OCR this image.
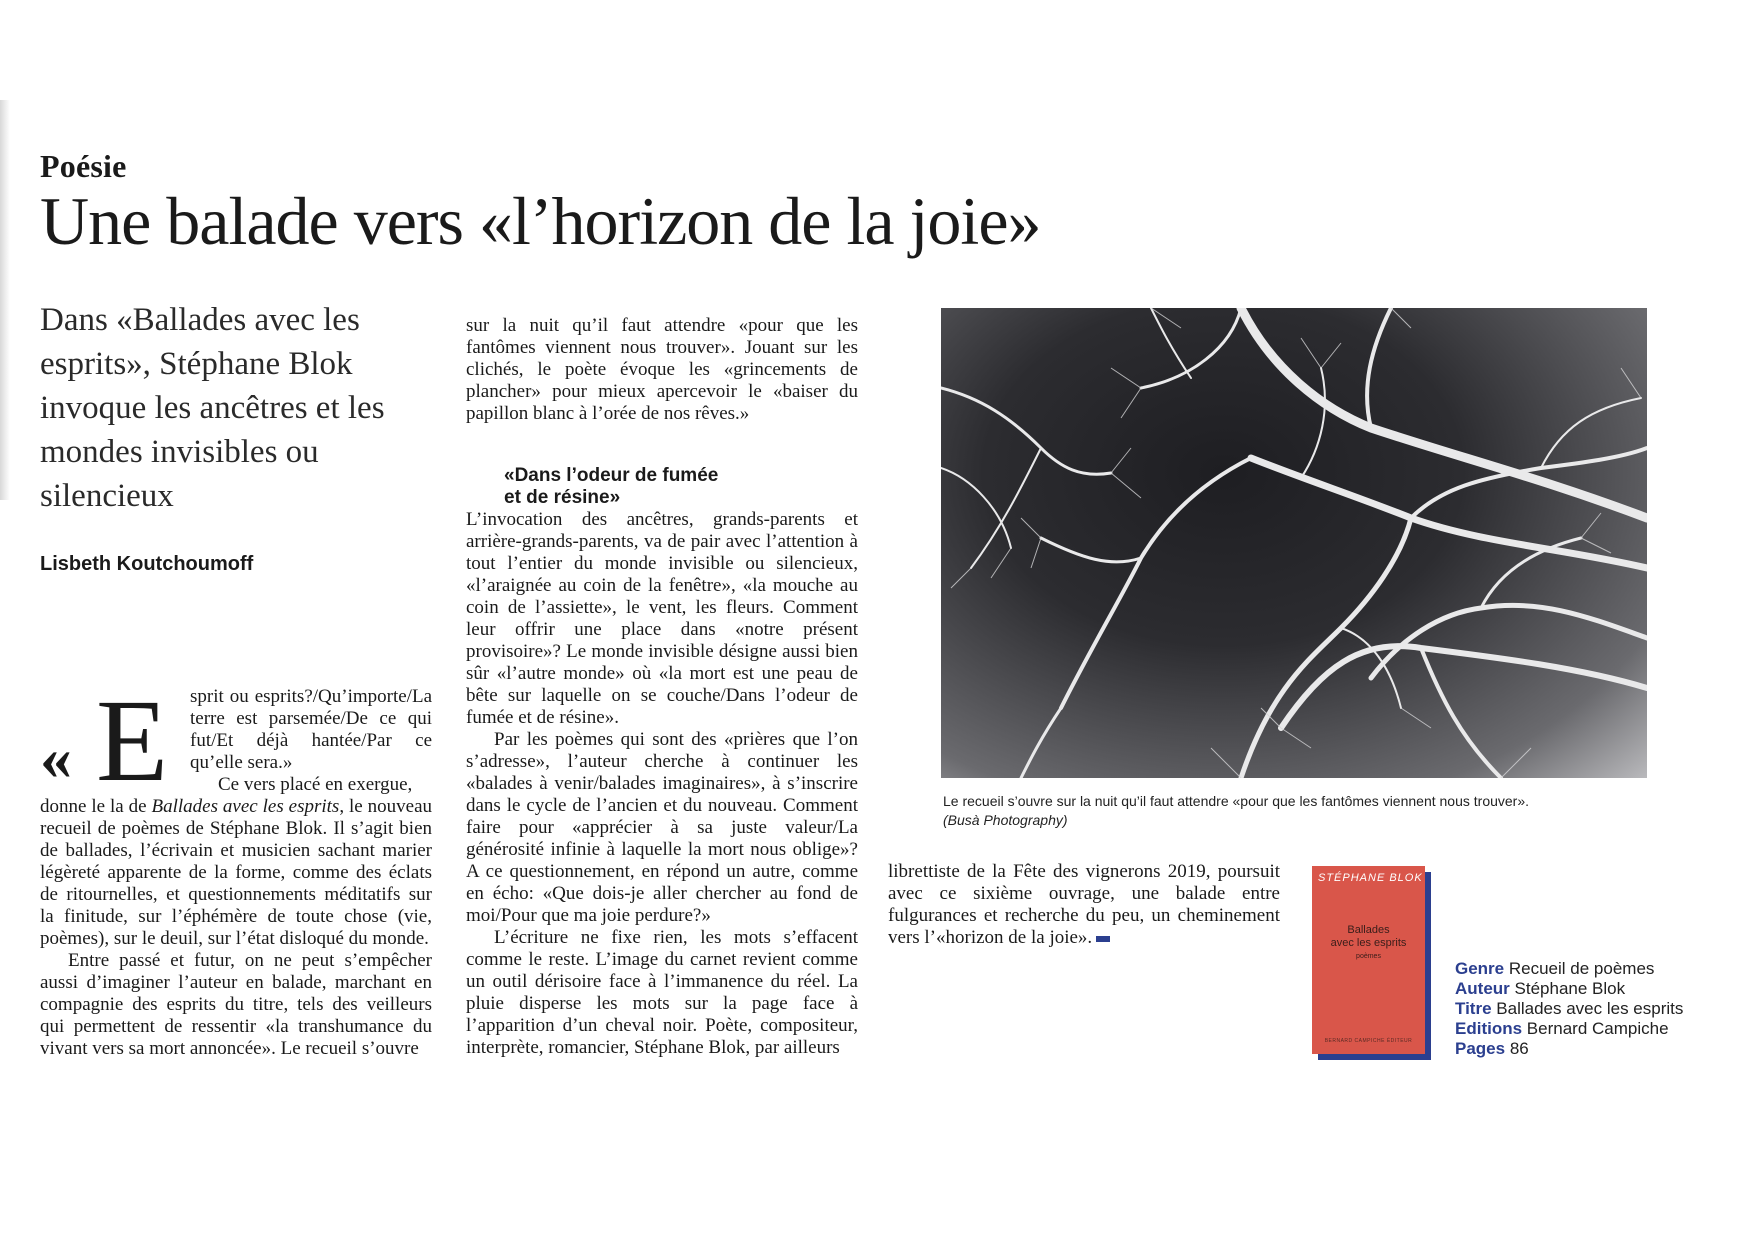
Poésie
Une balade vers «l’horizon de la joie»
Dans «Ballades avec les esprits», Stéphane Blok invoque les ancêtres et les mondes invisibles ou silencieux
Lisbeth Koutchoumoff
« E sprit ou esprits?/Qu’importe/La terre est parsemée/De ce qui fut/Et déjà hantée/Par ce qu’elle sera.»

Ce vers placé en exergue,

donne le la de Ballades avec les esprits, le nouveau recueil de poèmes de Stéphane Blok. Il s’agit bien de ballades, l’écrivain et musicien sachant marier légèreté apparente de la forme, comme des éclats de ritournelles, et questionnements méditatifs sur la finitude, sur l’éphémère de toute chose (vie, poèmes), sur le deuil, sur l’état disloqué du monde.

Entre passé et futur, on ne peut s’empêcher aussi d’imaginer l’auteur en balade, marchant en compagnie des esprits du titre, tels des veilleurs qui permettent de ressentir «la transhumance du vivant vers sa mort annoncée». Le recueil s’ouvre

sur la nuit qu’il faut attendre «pour que les fantômes viennent nous trouver». Jouant sur les clichés, le poète évoque les «grincements de plancher» pour mieux apercevoir le «baiser du papillon blanc à l’orée de nos rêves.»

«Dans l’odeur de fumée
et de résine»

L’invocation des ancêtres, grands-parents et arrière-grands-parents, va de pair avec l’attention à tout l’entier du monde invisible ou silencieux, «l’araignée au coin de la fenêtre», «la mouche au coin de l’assiette», le vent, les fleurs. Comment leur offrir une place dans «notre présent provisoire»? Le monde invisible désigne aussi bien sûr «l’autre monde» où «la mort est une peau de bête sur laquelle on se couche/Dans l’odeur de fumée et de résine».

Par les poèmes qui sont des «prières que l’on s’adresse», l’auteur cherche à continuer les «balades à venir/balades imaginaires», à s’inscrire dans le cycle de l’ancien et du nouveau. Comment faire pour «apprécier à sa juste valeur/La générosité infinie à laquelle la mort nous oblige»? A ce questionnement, en répond un autre, comme en écho: «Que dois-je aller chercher au fond de moi/Pour que ma joie perdure?»

L’écriture ne fixe rien, les mots s’effacent comme le reste. L’image du carnet revient comme un outil dérisoire face à l’immanence du réel. La pluie disperse les mots sur la page face à l’apparition d’un cheval noir. Poète, compositeur, interprète, romancier, Stéphane Blok, par ailleurs

librettiste de la Fête des vignerons 2019, poursuit avec ce sixième ouvrage, une balade entre fulgurances et recherche du peu, un cheminement vers l’«horizon de la joie».

Le recueil s’ouvre sur la nuit qu’il faut attendre «pour que les fantômes viennent nous trouver».
(Busà Photography)
STÉPHANE BLOK
Ballades
avec les esprits
poèmes
BERNARD CAMPICHE ÉDITEUR
Genre Recueil de poèmes
Auteur Stéphane Blok
Titre Ballades avec les esprits
Editions Bernard Campiche
Pages 86
